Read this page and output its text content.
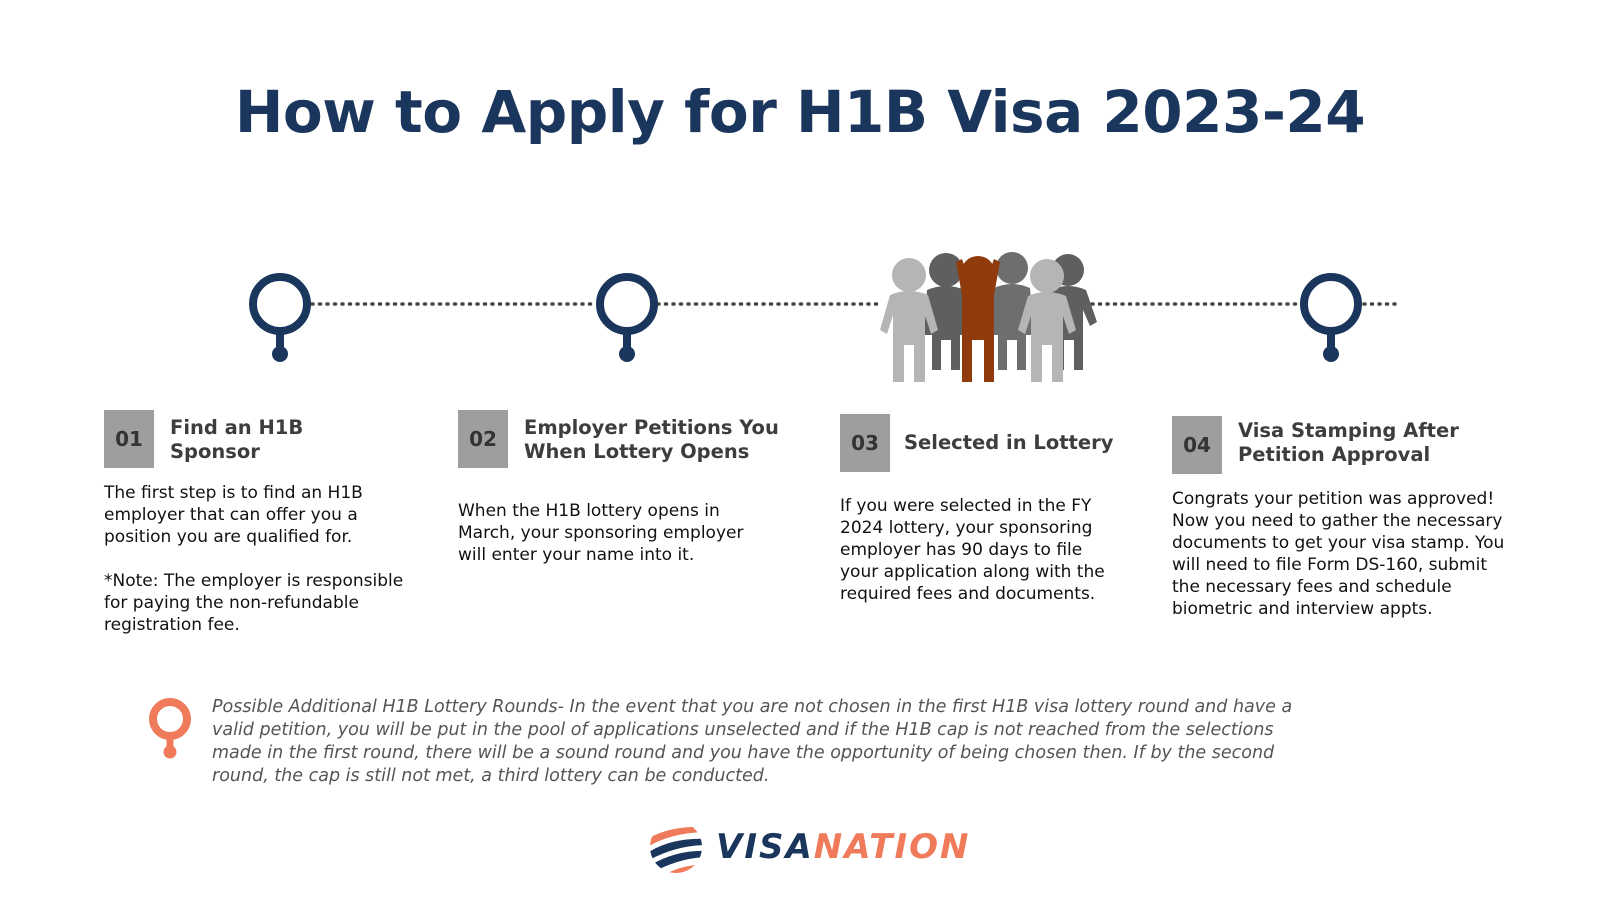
How to Apply for H1B Visa 2023-24
01	Find an H1B
Sponsor

The first step is to find an H1B employer that can offer you a position you are qualified for.

*Note: The employer is responsible for paying the non-refundable registration fee.

02	Employer Petitions You
When Lottery Opens

When the H1B lottery opens in March, your sponsoring employer will enter your name into it.

03	Selected in Lottery

If you were selected in the FY 2024 lottery, your sponsoring employer has 90 days to file your application along with the required fees and documents.

04
Visa Stamping After
Petition Approval

Congrats your petition was approved! Now you need to gather the necessary documents to get your visa stamp. You will need to file Form DS-160, submit the necessary fees and schedule biometric and interview appts.

Possible Additional H1B Lottery Rounds- In the event that you are not chosen in the first H1B visa lottery round and have a valid petition, you will be put in the pool of applications unselected and if the H1B cap is not reached from the selections made in the first round, there will be a sound round and you have the opportunity of being chosen then. If by the second round, the cap is still not met, a third lottery can be conducted.
VISANATION
